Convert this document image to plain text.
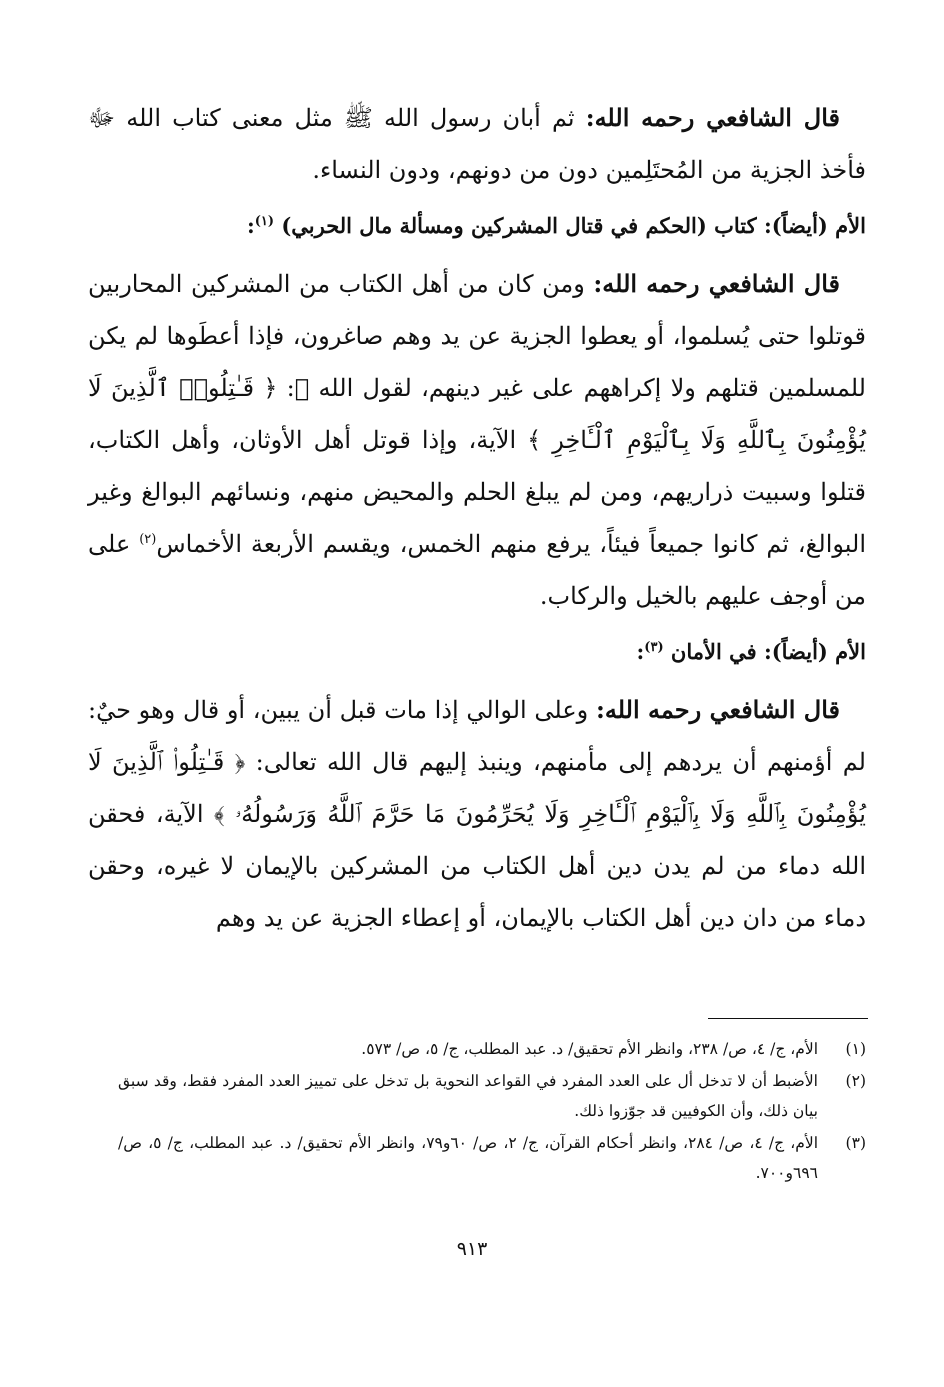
قال الشافعي رحمه الله: ثم أبان رسول الله ﷺ مثل معنى كتاب الله ﷻ فأخذ الجزية من المُحتَلِمين دون من دونهم، ودون النساء.

الأم (أيضاً): كتاب (الحكم في قتال المشركين ومسألة مال الحربي) $^{(١)}$:

قال الشافعي رحمه الله: ومن كان من أهل الكتاب من المشركين المحاربين قوتلوا حتى يُسلموا، أو يعطوا الجزية عن يد وهم صاغرون، فإذا أعطَوها لم يكن للمسلمين قتلهم ولا إكراههم على غير دينهم، لقول الله ﷻ: ﴿ قَـٰتِلُوا۟ ٱلَّذِينَ لَا يُؤْمِنُونَ بِٱللَّهِ وَلَا بِٱلْيَوْمِ ٱلْـَٔاخِرِ ﴾ الآية، وإذا قوتل أهل الأوثان، وأهل الكتاب، قتلوا وسبيت ذراريهم، ومن لم يبلغ الحلم والمحيض منهم، ونسائهم البوالغ وغير البوالغ، ثم كانوا جميعاً فيئاً، يرفع منهم الخمس، ويقسم الأربعة الأخماس$^{(٢)}$ على من أوجف عليهم بالخيل والركاب.

الأم (أيضاً): في الأمان $^{(٣)}$:

قال الشافعي رحمه الله: وعلى الوالي إذا مات قبل أن يبين، أو قال وهو حيٌ: لم أؤمنهم أن يردهم إلى مأمنهم، وينبذ إليهم قال الله تعالى: ﴿ قَـٰتِلُوا۟ ٱلَّذِينَ لَا يُؤْمِنُونَ بِٱللَّهِ وَلَا بِٱلْيَوْمِ ٱلْـَٔاخِرِ وَلَا يُحَرِّمُونَ مَا حَرَّمَ ٱللَّهُ وَرَسُولُهُۥ ﴾ الآية، فحقن الله دماء من لم يدن دين أهل الكتاب من المشركين بالإيمان لا غيره، وحقن دماء من دان دين أهل الكتاب بالإيمان، أو إعطاء الجزية عن يد وهم

(١)
الأم، ج/ ٤، ص/ ٢٣٨، وانظر الأم تحقيق/ د. عبد المطلب، ج/ ٥، ص/ ٥٧٣.
(٢)
الأضبط أن لا تدخل أل على العدد المفرد في القواعد النحوية بل تدخل على تمييز العدد المفرد فقط، وقد سبق بيان ذلك، وأن الكوفيين قد جوّزوا ذلك.
(٣)
الأم، ج/ ٤، ص/ ٢٨٤، وانظر أحكام القرآن، ج/ ٢، ص/ ٦٠و٧٩، وانظر الأم تحقيق/ د. عبد المطلب، ج/ ٥، ص/ ٦٩٦و٧٠٠.
٩١٣
